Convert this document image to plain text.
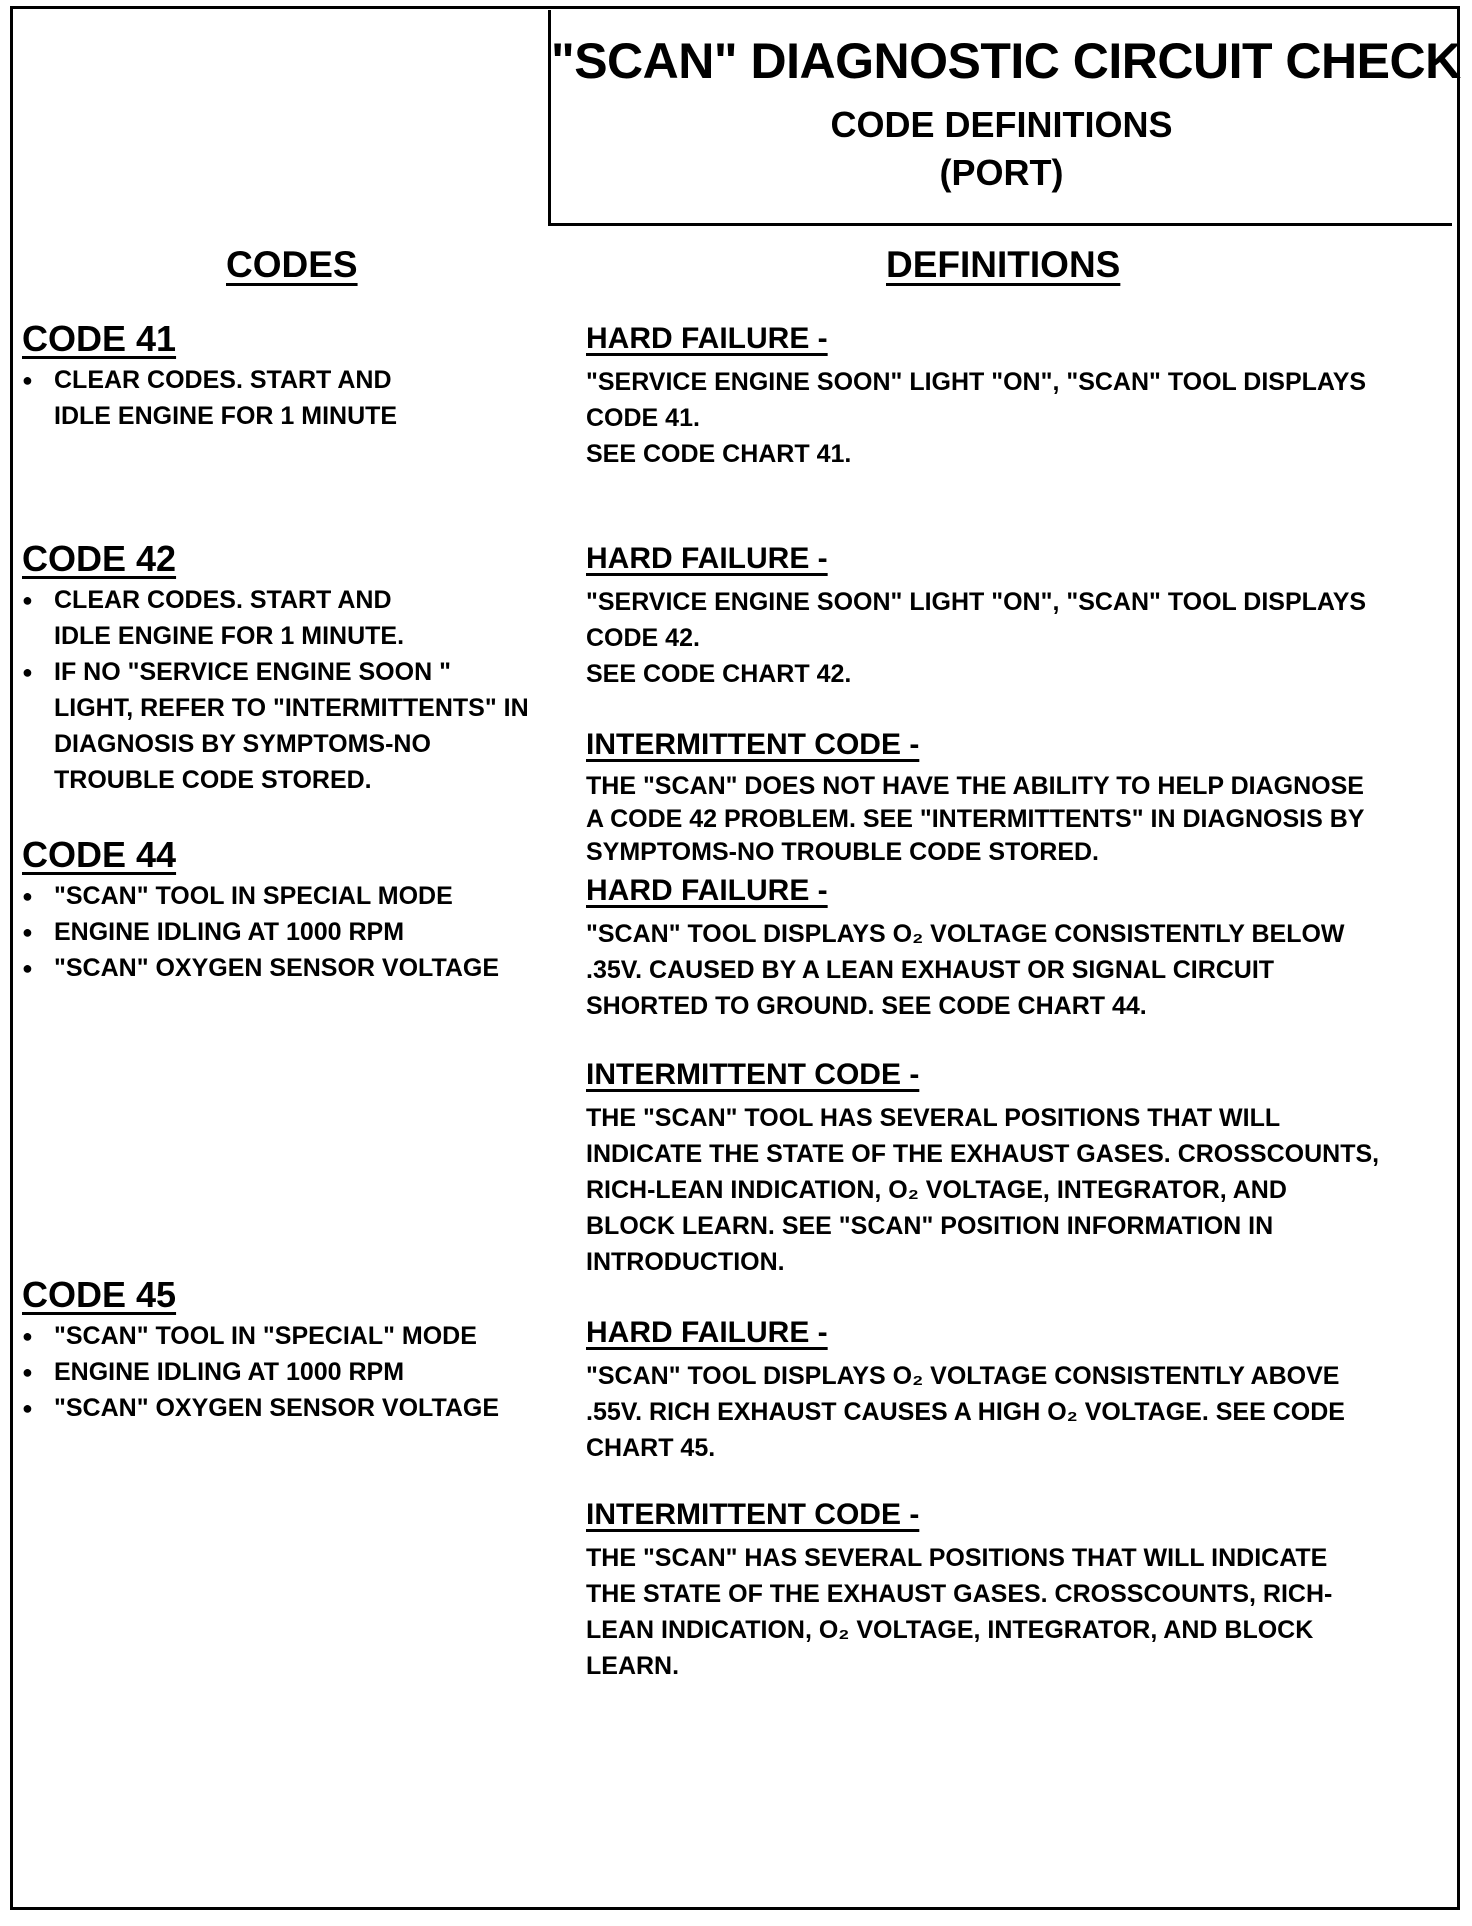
"SCAN" DIAGNOSTIC CIRCUIT CHECK
CODE DEFINITIONS
(PORT)
CODES	DEFINITIONS
CODE 41
● CLEAR CODES. START AND
IDLE ENGINE FOR 1 MINUTE
CODE 42
● CLEAR CODES. START AND
IDLE ENGINE FOR 1 MINUTE.
● IF NO "SERVICE ENGINE SOON "
LIGHT, REFER TO "INTERMITTENTS" IN
DIAGNOSIS BY SYMPTOMS-NO
TROUBLE CODE STORED.
CODE 44
● "SCAN" TOOL IN SPECIAL MODE
● ENGINE IDLING AT 1000 RPM
● "SCAN" OXYGEN SENSOR VOLTAGE
CODE 45
● "SCAN" TOOL IN "SPECIAL" MODE
● ENGINE IDLING AT 1000 RPM
● "SCAN" OXYGEN SENSOR VOLTAGE
HARD FAILURE -

"SERVICE ENGINE SOON" LIGHT "ON", "SCAN" TOOL DISPLAYS
CODE 41.
SEE CODE CHART 41.

HARD FAILURE -

"SERVICE ENGINE SOON" LIGHT "ON", "SCAN" TOOL DISPLAYS
CODE 42.
SEE CODE CHART 42.

INTERMITTENT CODE -

THE "SCAN" DOES NOT HAVE THE ABILITY TO HELP DIAGNOSE
A CODE 42 PROBLEM. SEE "INTERMITTENTS" IN DIAGNOSIS BY
SYMPTOMS-NO TROUBLE CODE STORED.

HARD FAILURE -

"SCAN" TOOL DISPLAYS O₂ VOLTAGE CONSISTENTLY BELOW
.35V. CAUSED BY A LEAN EXHAUST OR SIGNAL CIRCUIT
SHORTED TO GROUND. SEE CODE CHART 44.

INTERMITTENT CODE -

THE "SCAN" TOOL HAS SEVERAL POSITIONS THAT WILL
INDICATE THE STATE OF THE EXHAUST GASES. CROSSCOUNTS,
RICH-LEAN INDICATION, O₂ VOLTAGE, INTEGRATOR, AND
BLOCK LEARN. SEE "SCAN" POSITION INFORMATION IN
INTRODUCTION.

HARD FAILURE -

"SCAN" TOOL DISPLAYS O₂ VOLTAGE CONSISTENTLY ABOVE
.55V. RICH EXHAUST CAUSES A HIGH O₂ VOLTAGE. SEE CODE
CHART 45.

INTERMITTENT CODE -

THE "SCAN" HAS SEVERAL POSITIONS THAT WILL INDICATE
THE STATE OF THE EXHAUST GASES. CROSSCOUNTS, RICH-
LEAN INDICATION, O₂ VOLTAGE, INTEGRATOR, AND BLOCK
LEARN.
